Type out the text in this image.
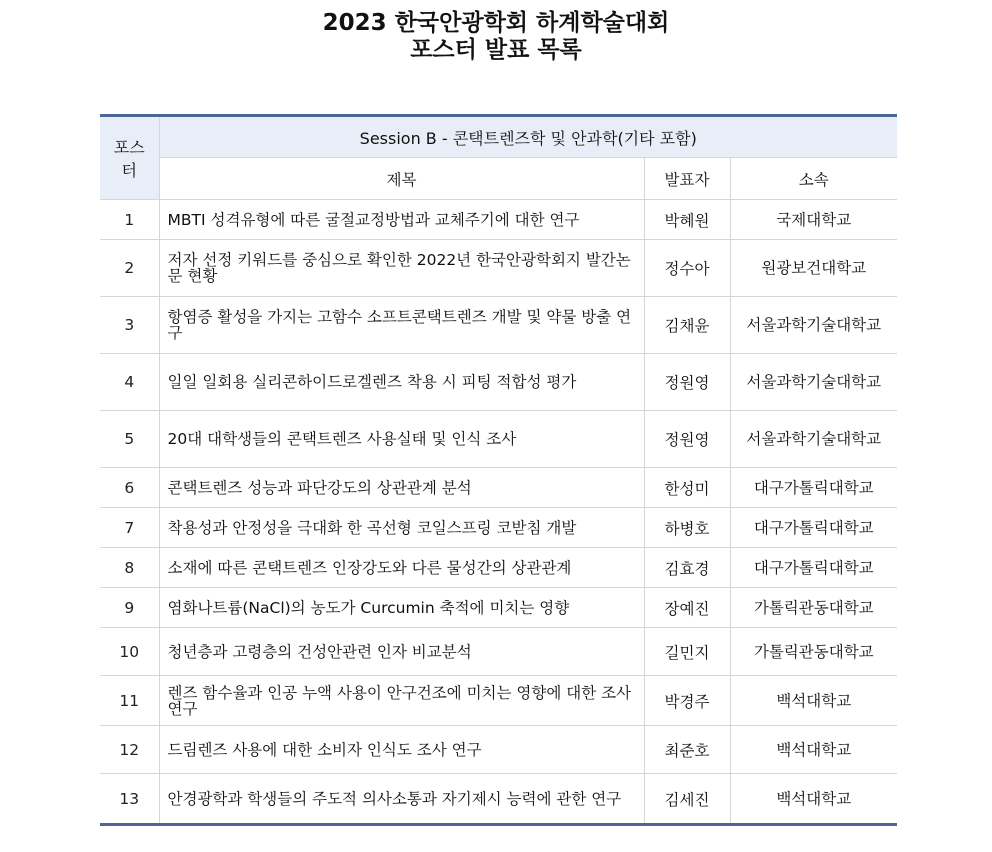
2023 한국안광학회 하계학술대회
포스터 발표 목록
포스터	Session B - 콘택트렌즈학 및 안과학(기타 포함)		
	제목	발표자	소속
1	MBTI 성격유형에 따른 굴절교정방법과 교체주기에 대한 연구	박혜원	국제대학교
2	저자 선정 키워드를 중심으로 확인한 2022년 한국안광학회지 발간논문 현황	정수아	원광보건대학교
3	항염증 활성을 가지는 고함수 소프트콘택트렌즈 개발 및 약물 방출 연구	김채윤	서울과학기술대학교
4	일일 일회용 실리콘하이드로겔렌즈 착용 시 피팅 적합성 평가	정원영	서울과학기술대학교
5	20대 대학생들의 콘택트렌즈 사용실태 및 인식 조사	정원영	서울과학기술대학교
6	콘택트렌즈 성능과 파단강도의 상관관계 분석	한성미	대구가톨릭대학교
7	착용성과 안정성을 극대화 한 곡선형 코일스프링 코받침 개발	하병호	대구가톨릭대학교
8	소재에 따른 콘택트렌즈 인장강도와 다른 물성간의 상관관계	김효경	대구가톨릭대학교
9	염화나트륨(NaCl)의 농도가 Curcumin 축적에 미치는 영향	장예진	가톨릭관동대학교
10	청년층과 고령층의 건성안관련 인자 비교분석	길민지	가톨릭관동대학교
11	렌즈 함수율과 인공 누액 사용이 안구건조에 미치는 영향에 대한 조사 연구	박경주	백석대학교
12	드림렌즈 사용에 대한 소비자 인식도 조사 연구	최준호	백석대학교
13	안경광학과 학생들의 주도적 의사소통과 자기제시 능력에 관한 연구	김세진	백석대학교
